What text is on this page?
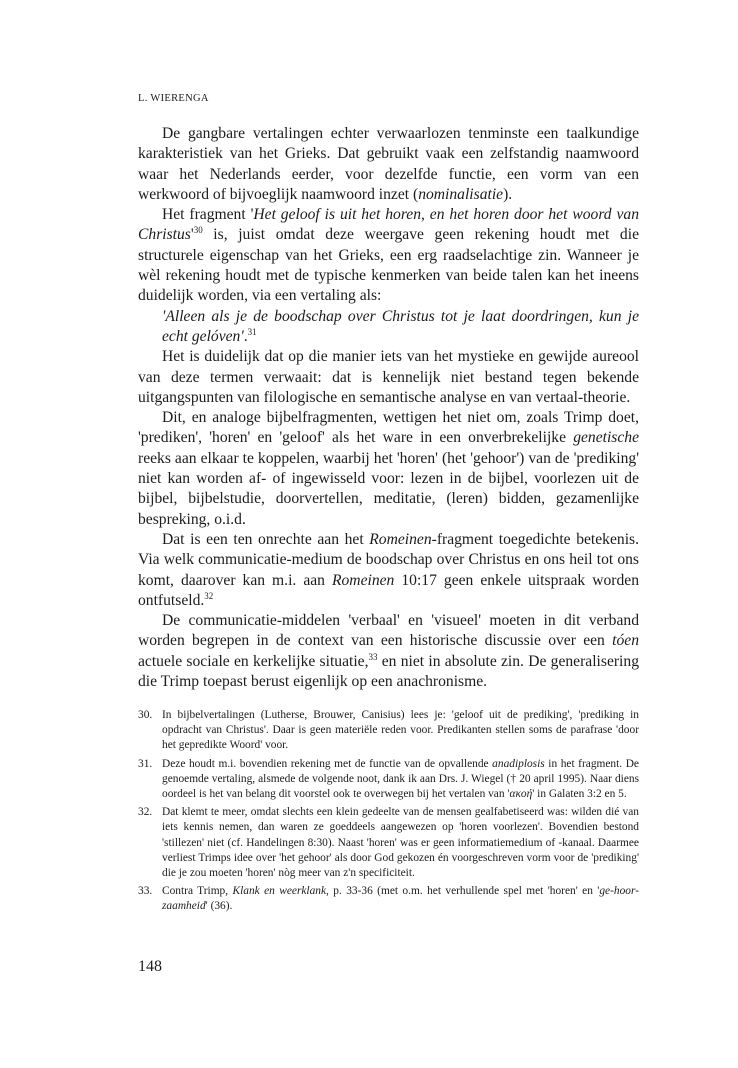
L. WIERENGA

De gangbare vertalingen echter verwaarlozen tenminste een taalkundige karakteristiek van het Grieks. Dat gebruikt vaak een zelfstandig naamwoord waar het Nederlands eerder, voor dezelfde functie, een vorm van een werkwoord of bijvoeglijk naamwoord inzet (nominalisatie).

Het fragment 'Het geloof is uit het horen, en het horen door het woord van $Christus'^{30}$ is, juist omdat deze weergave geen rekening houdt met die structurele eigenschap van het Grieks, een erg raadselachtige zin. Wanneer je wèl rekening houdt met de typische kenmerken van beide talen kan het ineens duidelijk worden, via een vertaling als:

'Alleen als je de boodschap over Christus tot je laat doordringen, kun je echt gelóven'.$^{31}$

Het is duidelijk dat op die manier iets van het mystieke en gewijde aureool van deze termen verwaait: dat is kennelijk niet bestand tegen bekende uitgangspunten van filologische en semantische analyse en van vertaal-theorie.

Dit, en analoge bijbelfragmenten, wettigen het niet om, zoals Trimp doet, 'prediken', 'horen' en 'geloof' als het ware in een onverbrekelijke genetische reeks aan elkaar te koppelen, waarbij het 'horen' (het 'gehoor') van de 'prediking' niet kan worden af- of ingewisseld voor: lezen in de bijbel, voorlezen uit de bijbel, bijbelstudie, doorvertellen, meditatie, (leren) bidden, gezamenlijke bespreking, o.i.d.

Dat is een ten onrechte aan het Romeinen-fragment toegedichte betekenis. Via welk communicatie-medium de boodschap over Christus en ons heil tot ons komt, daarover kan m.i. aan Romeinen 10:17 geen enkele uitspraak worden ontfutseld.$^{32}$

De communicatie-middelen 'verbaal' en 'visueel' moeten in dit verband worden begrepen in de context van een historische discussie over een tóen actuele sociale en kerkelijke situatie,$^{33}$ en niet in absolute zin. De generalisering die Trimp toepast berust eigenlijk op een anachronisme.

30. In bijbelvertalingen (Lutherse, Brouwer, Canisius) lees je: 'geloof uit de prediking', 'prediking in opdracht van Christus'. Daar is geen materiële reden voor. Predikanten stellen soms de parafrase 'door het gepredikte Woord' voor.
31. Deze houdt m.i. bovendien rekening met de functie van de opvallende anadiplosis in het fragment. De genoemde vertaling, alsmede de volgende noot, dank ik aan Drs. J. Wiegel († 20 april 1995). Naar diens oordeel is het van belang dit voorstel ook te overwegen bij het vertalen van 'ακοή' in Galaten 3:2 en 5.
32. Dat klemt te meer, omdat slechts een klein gedeelte van de mensen gealfabetiseerd was: wilden dié van iets kennis nemen, dan waren ze goeddeels aangewezen op 'horen voorlezen'. Bovendien bestond 'stillezen' niet (cf. Handelingen 8:30). Naast 'horen' was er geen informatiemedium of -kanaal. Daarmee verliest Trimps idee over 'het gehoor' als door God gekozen én voorgeschreven vorm voor de 'prediking' die je zou moeten 'horen' nòg meer van z'n specificiteit.
33. Contra Trimp, Klank en weerklank, p. 33-36 (met o.m. het verhullende spel met 'horen' en 'ge-hoor-zaamheid' (36).
148
